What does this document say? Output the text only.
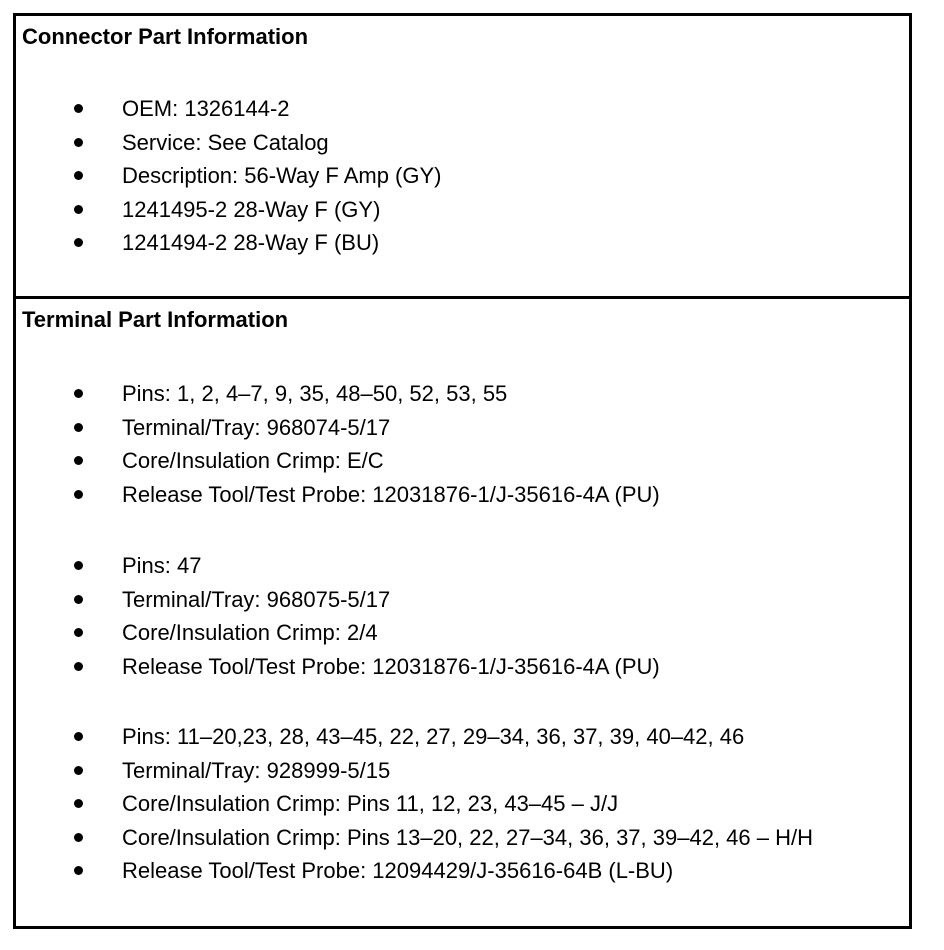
Connector Part Information
OEM: 1326144-2
Service: See Catalog
Description: 56-Way F Amp (GY)
1241495-2 28-Way F (GY)
1241494-2 28-Way F (BU)
Terminal Part Information
Pins: 1, 2, 4–7, 9, 35, 48–50, 52, 53, 55
Terminal/Tray: 968074-5/17
Core/Insulation Crimp: E/C
Release Tool/Test Probe: 12031876-1/J-35616-4A (PU)
Pins: 47
Terminal/Tray: 968075-5/17
Core/Insulation Crimp: 2/4
Release Tool/Test Probe: 12031876-1/J-35616-4A (PU)
Pins: 11–20,23, 28, 43–45, 22, 27, 29–34, 36, 37, 39, 40–42, 46
Terminal/Tray: 928999-5/15
Core/Insulation Crimp: Pins 11, 12, 23, 43–45 – J/J
Core/Insulation Crimp: Pins 13–20, 22, 27–34, 36, 37, 39–42, 46 – H/H
Release Tool/Test Probe: 12094429/J-35616-64B (L-BU)
